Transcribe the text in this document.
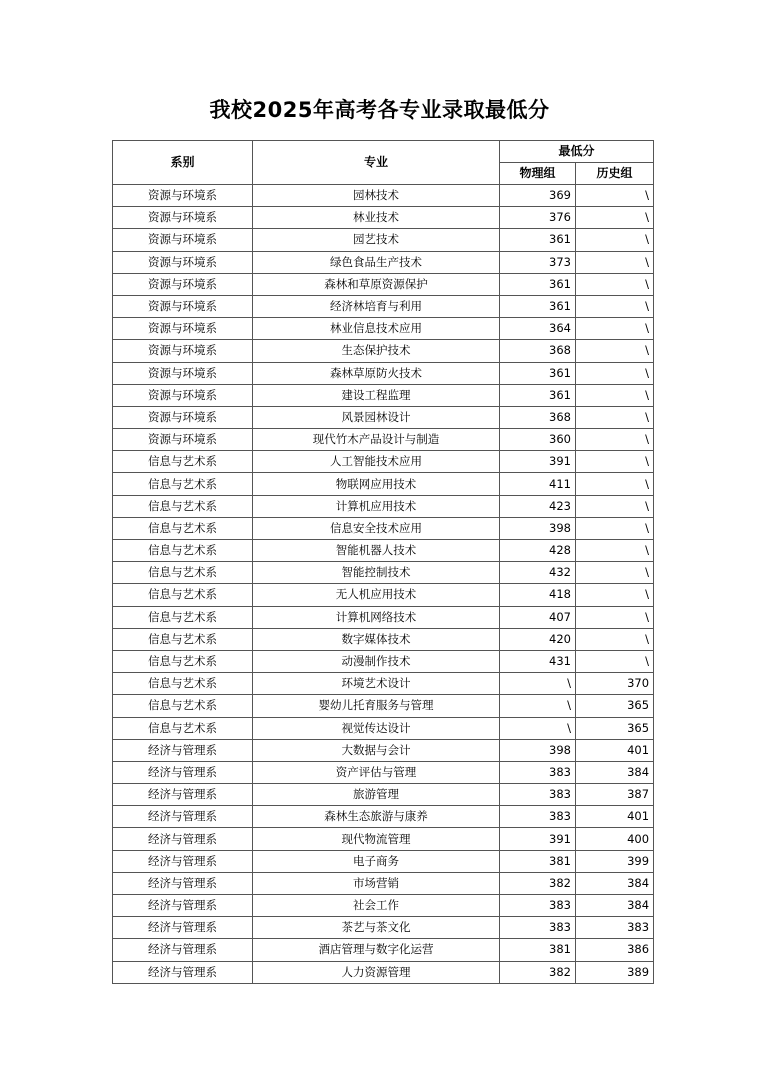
我校2025年高考各专业录取最低分
系别	专业	最低分	
		物理组	历史组
资源与环境系	园林技术	369	\
资源与环境系	林业技术	376	\
资源与环境系	园艺技术	361	\
资源与环境系	绿色食品生产技术	373	\
资源与环境系	森林和草原资源保护	361	\
资源与环境系	经济林培育与利用	361	\
资源与环境系	林业信息技术应用	364	\
资源与环境系	生态保护技术	368	\
资源与环境系	森林草原防火技术	361	\
资源与环境系	建设工程监理	361	\
资源与环境系	风景园林设计	368	\
资源与环境系	现代竹木产品设计与制造	360	\
信息与艺术系	人工智能技术应用	391	\
信息与艺术系	物联网应用技术	411	\
信息与艺术系	计算机应用技术	423	\
信息与艺术系	信息安全技术应用	398	\
信息与艺术系	智能机器人技术	428	\
信息与艺术系	智能控制技术	432	\
信息与艺术系	无人机应用技术	418	\
信息与艺术系	计算机网络技术	407	\
信息与艺术系	数字媒体技术	420	\
信息与艺术系	动漫制作技术	431	\
信息与艺术系	环境艺术设计	\	370
信息与艺术系	婴幼儿托育服务与管理	\	365
信息与艺术系	视觉传达设计	\	365
经济与管理系	大数据与会计	398	401
经济与管理系	资产评估与管理	383	384
经济与管理系	旅游管理	383	387
经济与管理系	森林生态旅游与康养	383	401
经济与管理系	现代物流管理	391	400
经济与管理系	电子商务	381	399
经济与管理系	市场营销	382	384
经济与管理系	社会工作	383	384
经济与管理系	茶艺与茶文化	383	383
经济与管理系	酒店管理与数字化运营	381	386
经济与管理系	人力资源管理	382	389
